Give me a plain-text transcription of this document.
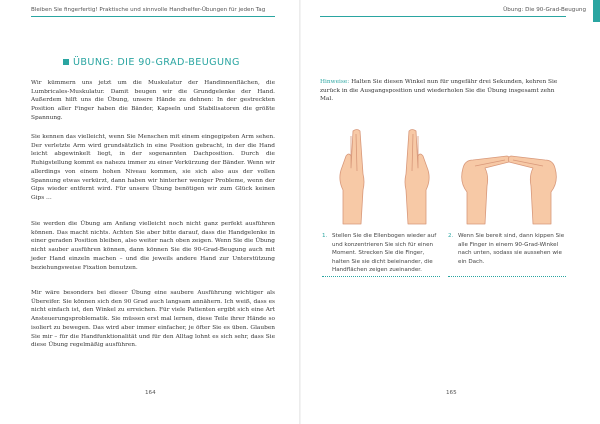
Bleiben Sie fingerfertig! Praktische und sinnvolle Handhelfer-Übungen für jeden Tag	Übung: Die 90-Grad-Beugung
ÜBUNG: DIE 90-GRAD-BEUGUNG

Wir kümmern uns jetzt um die Muskulatur der Handinnenflächen, die Lumbricales-Muskulatur. Damit beugen wir die Grundgelenke der Hand. Außerdem hilft uns die Übung, unsere Hände zu dehnen: In der gestreckten Position aller Finger haben die Bänder, Kapseln und Stabilisatoren die größte Spannung.

Sie kennen das vielleicht, wenn Sie Menschen mit einem eingegipsten Arm sehen. Der verletzte Arm wird grundsätzlich in eine Position gebracht, in der die Hand leicht abgewinkelt liegt, in der sogenannten Dachposition. Durch die Ruhigstellung kommt es nahezu immer zu einer Verkürzung der Bänder. Wenn wir allerdings von einem hohen Niveau kommen, sie sich also aus der vollen Spannung etwas verkürzt, dann haben wir hinterher weniger Probleme, wenn der Gips wieder entfernt wird. Für unsere Übung benötigen wir zum Glück keinen Gips …

Sie werden die Übung am Anfang vielleicht noch nicht ganz perfekt ausführen können. Das macht nichts. Achten Sie aber bitte darauf, dass die Handgelenke in einer geraden Position bleiben, also weiter nach oben zeigen. Wenn Sie die Übung nicht sauber ausführen können, dann können Sie die 90-Grad-Beugung auch mit jeder Hand einzeln machen – und die jeweils andere Hand zur Unterstützung beziehungsweise Fixation benutzen.

Mir wäre besonders bei dieser Übung eine saubere Ausführung wichtiger als Übereifer. Sie können sich den 90 Grad auch langsam annähern. Ich weiß, dass es nicht einfach ist, den Winkel zu erreichen. Für viele Patienten ergibt sich eine Art Ansteuerungsproblematik. Sie müssen erst mal lernen, diese Teile ihrer Hände so isoliert zu bewegen. Das wird aber immer einfacher, je öfter Sie es üben. Glauben Sie mir – für die Handfunktionalität und für den Alltag lohnt es sich sehr, dass Sie diese Übung regelmäßig ausführen.

164

Hinweise: Halten Sie diesen Winkel nun für ungefähr drei Sekunden, kehren Sie zurück in die Ausgangsposition und wiederholen Sie die Übung insgesamt zehn Mal.

1. Stellen Sie die Ellenbogen wieder auf und konzentrieren Sie sich für einen Moment. Strecken Sie die Finger, halten Sie sie dicht beieinander, die Handflächen zeigen zueinander.
2. Wenn Sie bereit sind, dann kippen Sie alle Finger in einem 90-Grad-Winkel nach unten, sodass sie aussehen wie ein Dach.
165
